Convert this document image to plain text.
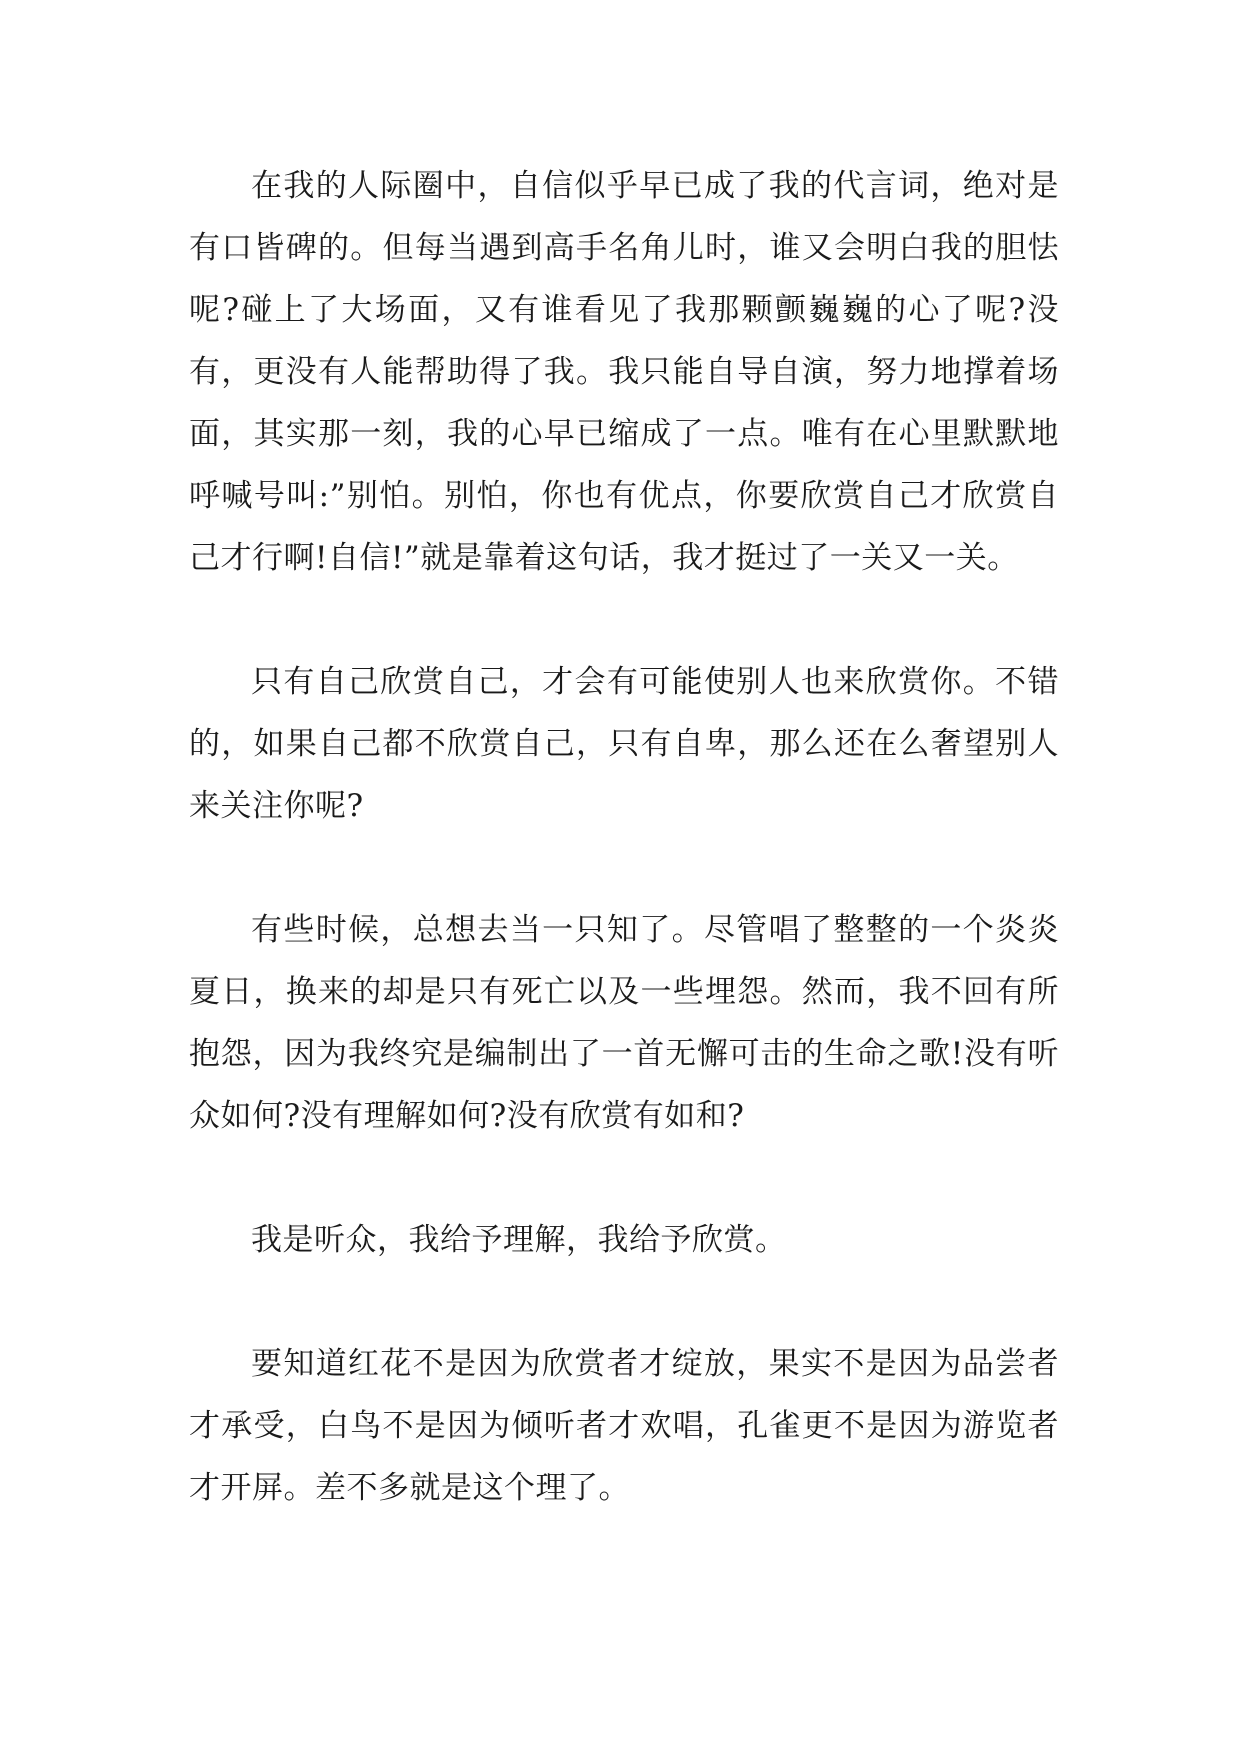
在我的人际圈中，自信似乎早已成了我的代言词，绝对是有口皆碑的。但每当遇到高手名角儿时，谁又会明白我的胆怯呢?碰上了大场面，又有谁看见了我那颗颤巍巍的心了呢?没有，更没有人能帮助得了我。我只能自导自演，努力地撑着场面，其实那一刻，我的心早已缩成了一点。唯有在心里默默地呼喊号叫:”别怕。别怕，你也有优点，你要欣赏自己才欣赏自己才行啊!自信!”就是靠着这句话，我才挺过了一关又一关。

只有自己欣赏自己，才会有可能使别人也来欣赏你。不错的，如果自己都不欣赏自己，只有自卑，那么还在么奢望别人来关注你呢?

有些时候，总想去当一只知了。尽管唱了整整的一个炎炎夏日，换来的却是只有死亡以及一些埋怨。然而，我不回有所抱怨，因为我终究是编制出了一首无懈可击的生命之歌!没有听众如何?没有理解如何?没有欣赏有如和?

我是听众，我给予理解，我给予欣赏。

要知道红花不是因为欣赏者才绽放，果实不是因为品尝者才承受，白鸟不是因为倾听者才欢唱，孔雀更不是因为游览者才开屏。差不多就是这个理了。
